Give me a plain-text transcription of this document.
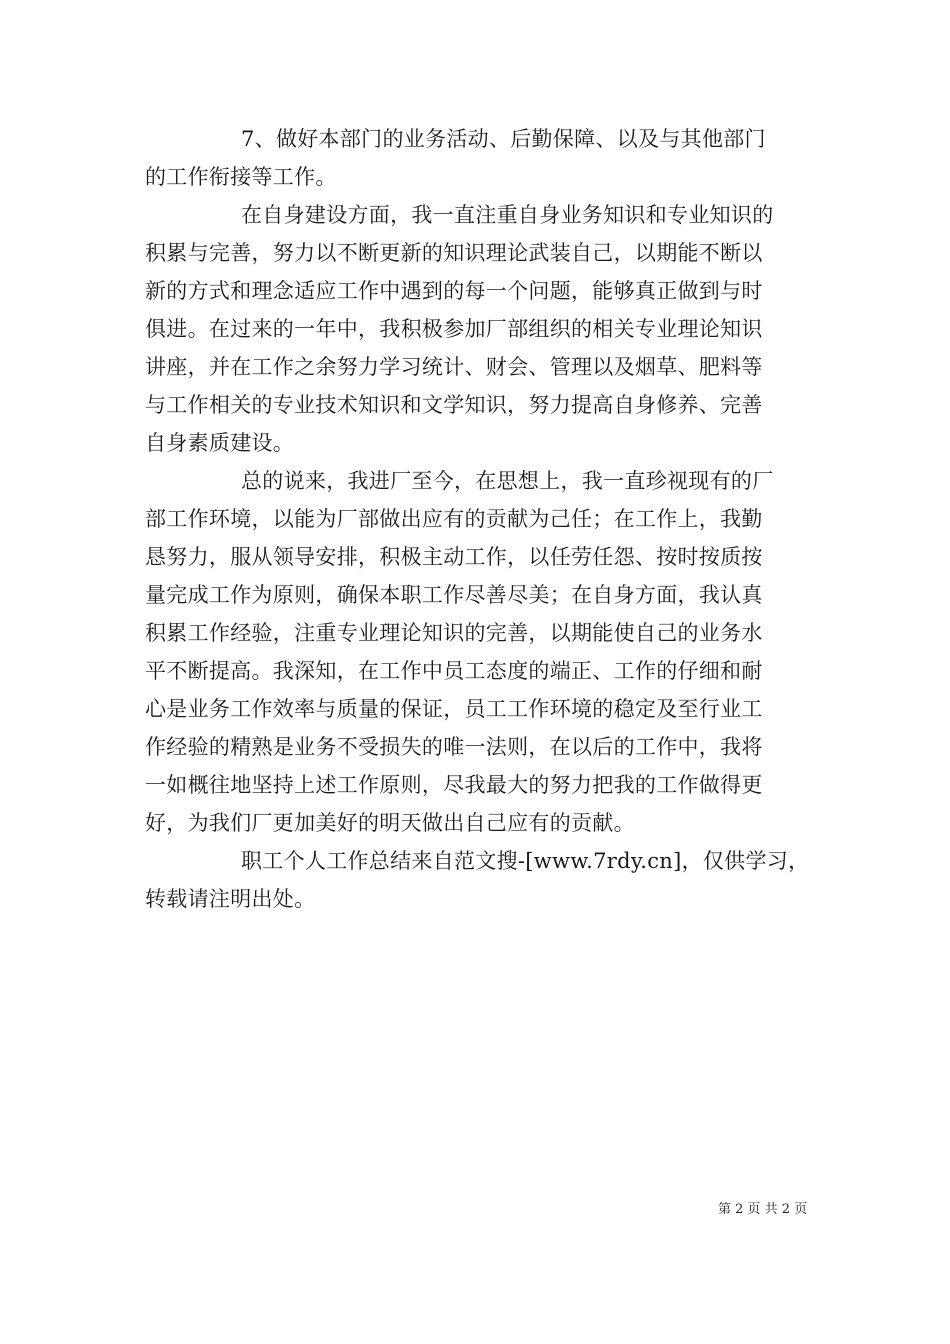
7、做好本部门的业务活动、后勤保障、以及与其他部门
的工作衔接等工作。
在自身建设方面，我一直注重自身业务知识和专业知识的
积累与完善，努力以不断更新的知识理论武装自己，以期能不断以
新的方式和理念适应工作中遇到的每一个问题，能够真正做到与时
俱进。在过来的一年中，我积极参加厂部组织的相关专业理论知识
讲座，并在工作之余努力学习统计、财会、管理以及烟草、肥料等
与工作相关的专业技术知识和文学知识，努力提高自身修养、完善
自身素质建设。
总的说来，我进厂至今，在思想上，我一直珍视现有的厂
部工作环境，以能为厂部做出应有的贡献为己任；在工作上，我勤
恳努力，服从领导安排，积极主动工作，以任劳任怨、按时按质按
量完成工作为原则，确保本职工作尽善尽美；在自身方面，我认真
积累工作经验，注重专业理论知识的完善，以期能使自己的业务水
平不断提高。我深知，在工作中员工态度的端正、工作的仔细和耐
心是业务工作效率与质量的保证，员工工作环境的稳定及至行业工
作经验的精熟是业务不受损失的唯一法则，在以后的工作中，我将
一如概往地坚持上述工作原则，尽我最大的努力把我的工作做得更
好，为我们厂更加美好的明天做出自己应有的贡献。
职工个人工作总结来自范文搜-[www.7rdy.cn]，仅供学习，
转载请注明出处。
第 2 页 共 2 页
